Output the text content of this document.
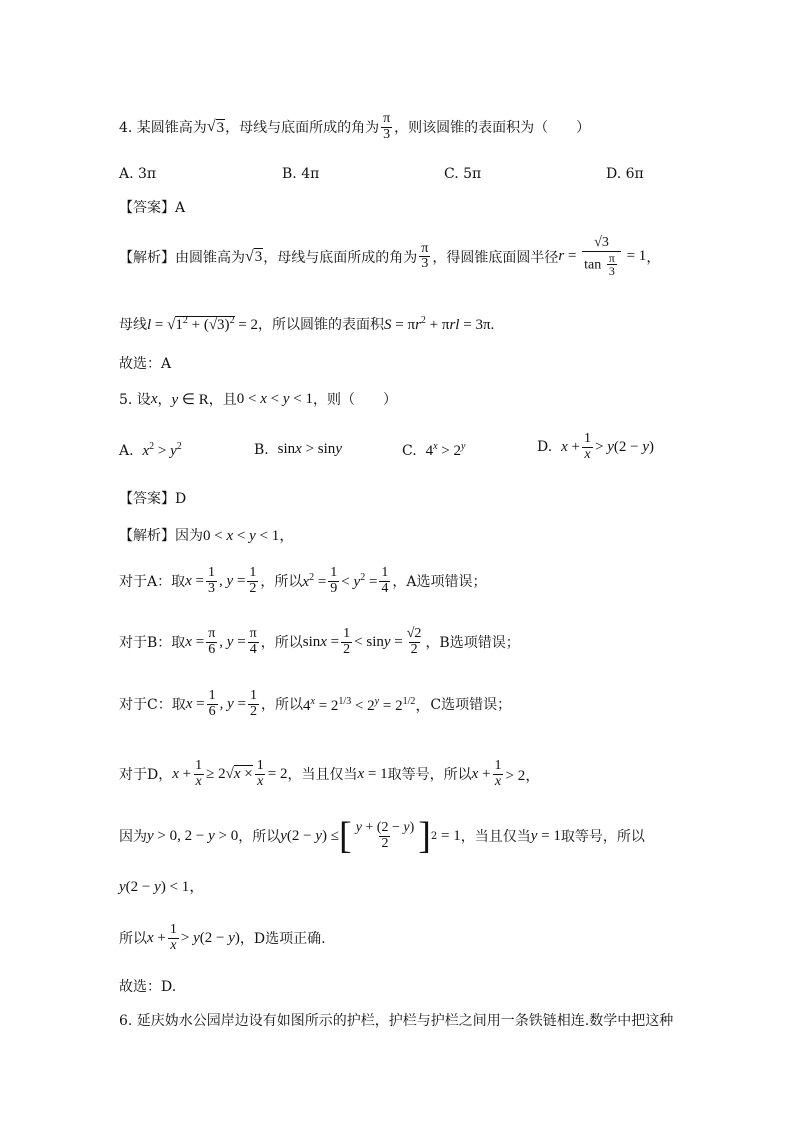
4. 某圆锥高为 √ 3 ，母线与底面所成的角为 $\frac{\pi}{3}$ ，则该圆锥的表面积为（　　）
A. 3π	B. 4π	C. 5π	D. 6π
【答案】A
【解析】由圆锥高为 √ 3 ，母线与底面所成的角为 $\frac{\pi}{3}$ ，得圆锥底面圆半径 $r = \frac{√3}{\tan \frac{\pi}{3}} = 1$ ，
母线 $l = √1^2 + (√3)^2 = 2$ ，所以圆锥的表面积 $S = \pi r^2 + \pi rl = 3\pi$.
故选：A
5. 设 x ， y ∈ R ，且 0 < x < y < 1 ，则（　　）
A.
$x^2 > y^2$	B.
sinx > siny	C.
$4^x > 2^y$	D.
$x + \frac{1}{x} > y(2 - y)$
【答案】D
【解析】因为 0 < x < y < 1，
对于A：取 $x = \frac{1}{3}$ , $y = \frac{1}{2}$ ，所以 $x^2 = \frac{1}{9} < y^2 = \frac{1}{4}$ ，A选项错误；
对于B：取 $x = \frac{\pi}{6}$ , $y = \frac{\pi}{4}$ ，所以 $\sin x = \frac{1}{2} < \sin y = \frac{√2}{2}$ ，B选项错误；
对于C：取 $x = \frac{1}{6}$ , $y = \frac{1}{2}$ ，所以 $4^x = 2^{1/3} < 2^y = 2^{1/2}$， C选项错误；
对于D， $x + \frac{1}{x} \ge 2√x \times \frac{1}{x} = 2$ ，当且仅当 x = 1 取等号，所以 $x + \frac{1}{x} > 2$，
因为 y > 0, 2 − y > 0 ，所以 y(2 − y) ≤ [ $\frac{y + (2 - y)}{2}$ ] 2 = 1 ，当且仅当 y = 1 取等号，所以
y(2 − y) < 1，
所以 $x + \frac{1}{x} > y(2 - y)$ ，D选项正确.
故选：D.
6. 延庆妫水公园岸边设有如图所示的护栏，护栏与护栏之间用一条铁链相连.数学中把这种
